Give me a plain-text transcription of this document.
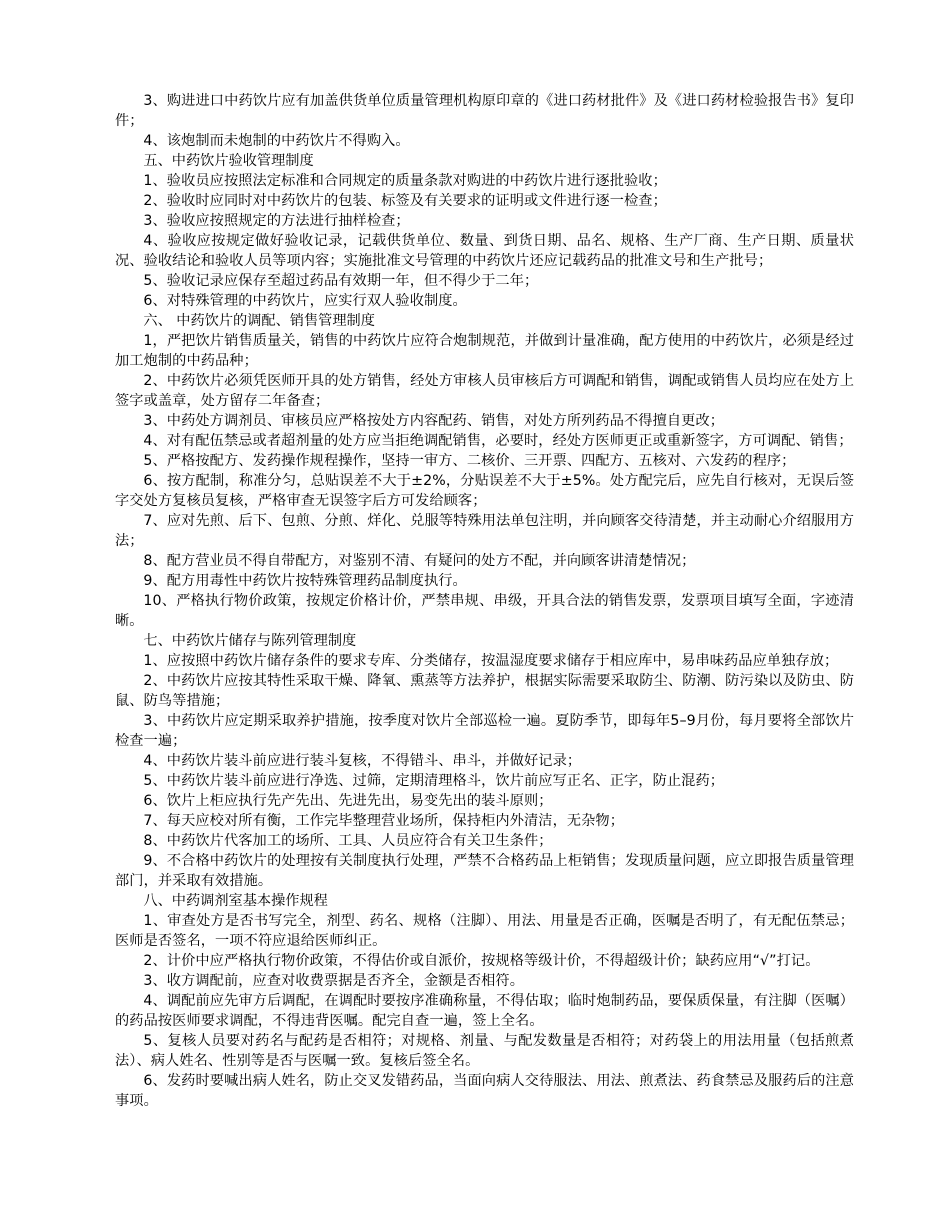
3、购进进口中药饮片应有加盖供货单位质量管理机构原印章的《进口药材批件》及《进口药材检验报告书》复印件；

4、该炮制而未炮制的中药饮片不得购入。

五、中药饮片验收管理制度

1、验收员应按照法定标准和合同规定的质量条款对购进的中药饮片进行逐批验收；

2、验收时应同时对中药饮片的包装、标签及有关要求的证明或文件进行逐一检查；

3、验收应按照规定的方法进行抽样检查；

4、验收应按规定做好验收记录，记载供货单位、数量、到货日期、品名、规格、生产厂商、生产日期、质量状况、验收结论和验收人员等项内容；实施批准文号管理的中药饮片还应记载药品的批准文号和生产批号；

5、验收记录应保存至超过药品有效期一年，但不得少于二年；

6、对特殊管理的中药饮片，应实行双人验收制度。

六、 中药饮片的调配、销售管理制度

1，严把饮片销售质量关，销售的中药饮片应符合炮制规范，并做到计量准确，配方使用的中药饮片，必须是经过加工炮制的中药品种；

2、中药饮片必须凭医师开具的处方销售，经处方审核人员审核后方可调配和销售，调配或销售人员均应在处方上签字或盖章，处方留存二年备查；

3、中药处方调剂员、审核员应严格按处方内容配药、销售，对处方所列药品不得擅自更改；

4、对有配伍禁忌或者超剂量的处方应当拒绝调配销售，必要时，经处方医师更正或重新签字，方可调配、销售；

5、严格按配方、发药操作规程操作，坚持一审方、二核价、三开票、四配方、五核对、六发药的程序；

6、按方配制，称准分匀，总贴误差不大于±2%，分贴误差不大于±5%。处方配完后，应先自行核对，无误后签字交处方复核员复核，严格审查无误签字后方可发给顾客；

7、应对先煎、后下、包煎、分煎、烊化、兑服等特殊用法单包注明，并向顾客交待清楚，并主动耐心介绍服用方法；

8、配方营业员不得自带配方，对鉴别不清、有疑问的处方不配，并向顾客讲清楚情况；

9、配方用毒性中药饮片按特殊管理药品制度执行。

10、严格执行物价政策，按规定价格计价，严禁串规、串级，开具合法的销售发票，发票项目填写全面，字迹清晰。

七、中药饮片储存与陈列管理制度

1、应按照中药饮片储存条件的要求专库、分类储存，按温湿度要求储存于相应库中，易串味药品应单独存放；

2、中药饮片应按其特性采取干燥、降氧、熏蒸等方法养护，根据实际需要采取防尘、防潮、防污染以及防虫、防鼠、防鸟等措施；

3、中药饮片应定期采取养护措施，按季度对饮片全部巡检一遍。夏防季节，即每年5–9月份，每月要将全部饮片检查一遍；

4、中药饮片装斗前应进行装斗复核，不得错斗、串斗，并做好记录；

5、中药饮片装斗前应进行净选、过筛，定期清理格斗，饮片前应写正名、正字，防止混药；

6、饮片上柜应执行先产先出、先进先出，易变先出的装斗原则；

7、每天应校对所有衡，工作完毕整理营业场所，保持柜内外清洁，无杂物；

8、中药饮片代客加工的场所、工具、人员应符合有关卫生条件；

9、不合格中药饮片的处理按有关制度执行处理，严禁不合格药品上柜销售；发现质量问题，应立即报告质量管理部门，并采取有效措施。

八、中药调剂室基本操作规程

1、审查处方是否书写完全，剂型、药名、规格（注脚）、用法、用量是否正确，医嘱是否明了，有无配伍禁忌；医师是否签名，一项不符应退给医师纠正。

2、计价中应严格执行物价政策，不得估价或自派价，按规格等级计价，不得超级计价；缺药应用“√”打记。

3、收方调配前，应查对收费票据是否齐全，金额是否相符。

4、调配前应先审方后调配，在调配时要按序准确称量，不得估取；临时炮制药品，要保质保量，有注脚（医嘱）的药品按医师要求调配，不得违背医嘱。配完自查一遍，签上全名。

5、复核人员要对药名与配药是否相符；对规格、剂量、与配发数量是否相符；对药袋上的用法用量（包括煎煮法）、病人姓名、性别等是否与医嘱一致。复核后签全名。

6、发药时要喊出病人姓名，防止交叉发错药品，当面向病人交待服法、用法、煎煮法、药食禁忌及服药后的注意事项。
